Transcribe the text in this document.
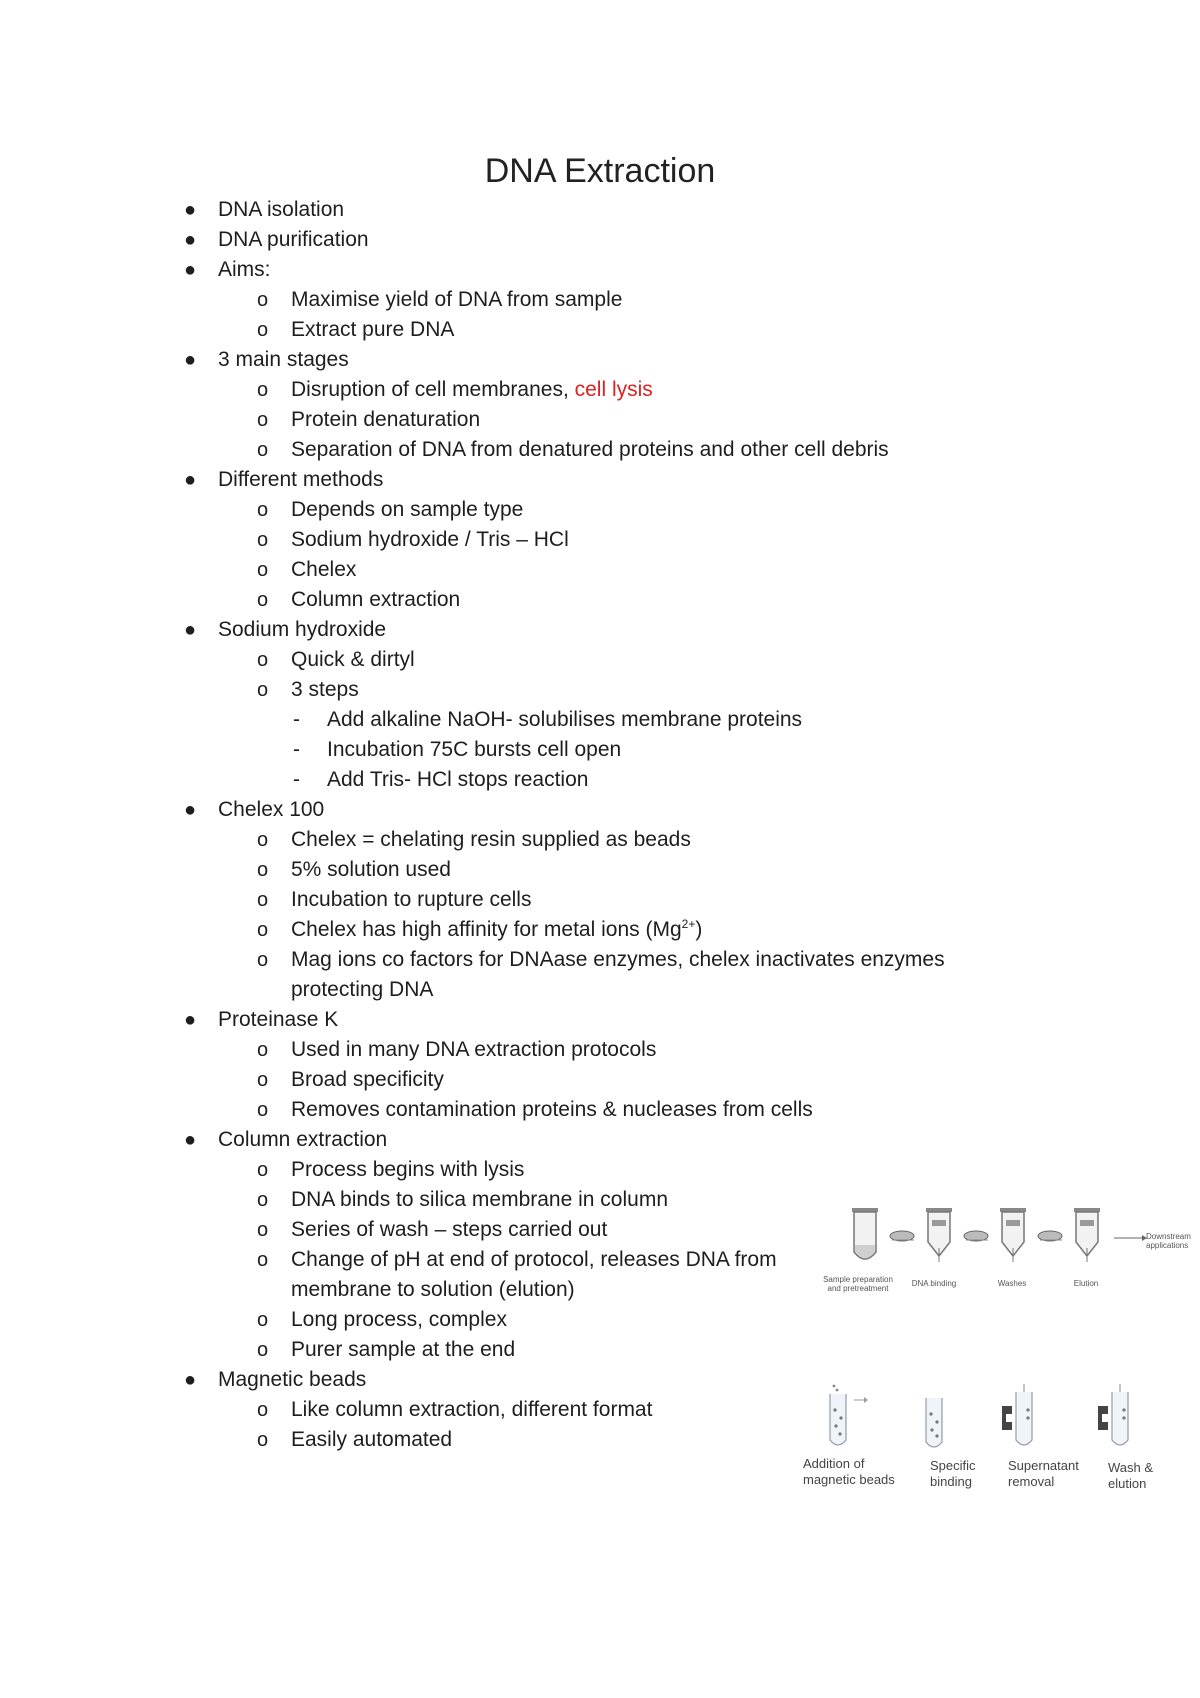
DNA Extraction
● DNA isolation
● DNA purification
● Aims:
o Maximise yield of DNA from sample
o Extract pure DNA
● 3 main stages
o Disruption of cell membranes, cell lysis
o Protein denaturation
o Separation of DNA from denatured proteins and other cell debris
● Different methods
o Depends on sample type
o Sodium hydroxide / Tris – HCl
o Chelex
o Column extraction
● Sodium hydroxide
o Quick & dirtyl
o 3 steps
- Add alkaline NaOH- solubilises membrane proteins
- Incubation 75C bursts cell open
- Add Tris- HCl stops reaction
● Chelex 100
o Chelex = chelating resin supplied as beads
o 5% solution used
o Incubation to rupture cells
o Chelex has high affinity for metal ions $(Mg^{2+})$
o Mag ions co factors for DNAase enzymes, chelex inactivates enzymes
protecting DNA
● Proteinase K
o Used in many DNA extraction protocols
o Broad specificity
o Removes contamination proteins & nucleases from cells
● Column extraction
o Process begins with lysis
o DNA binds to silica membrane in column
o Series of wash – steps carried out
o Change of pH at end of protocol, releases DNA from
membrane to solution (elution)
o Long process, complex
o Purer sample at the end
● Magnetic beads
o Like column extraction, different format
o Easily automated
Sample preparation and pretreatment
DNA binding	Washes	Elution
Downstream applications
Addition of magnetic beads
Specific binding
Supernatant removal
Wash & elution
